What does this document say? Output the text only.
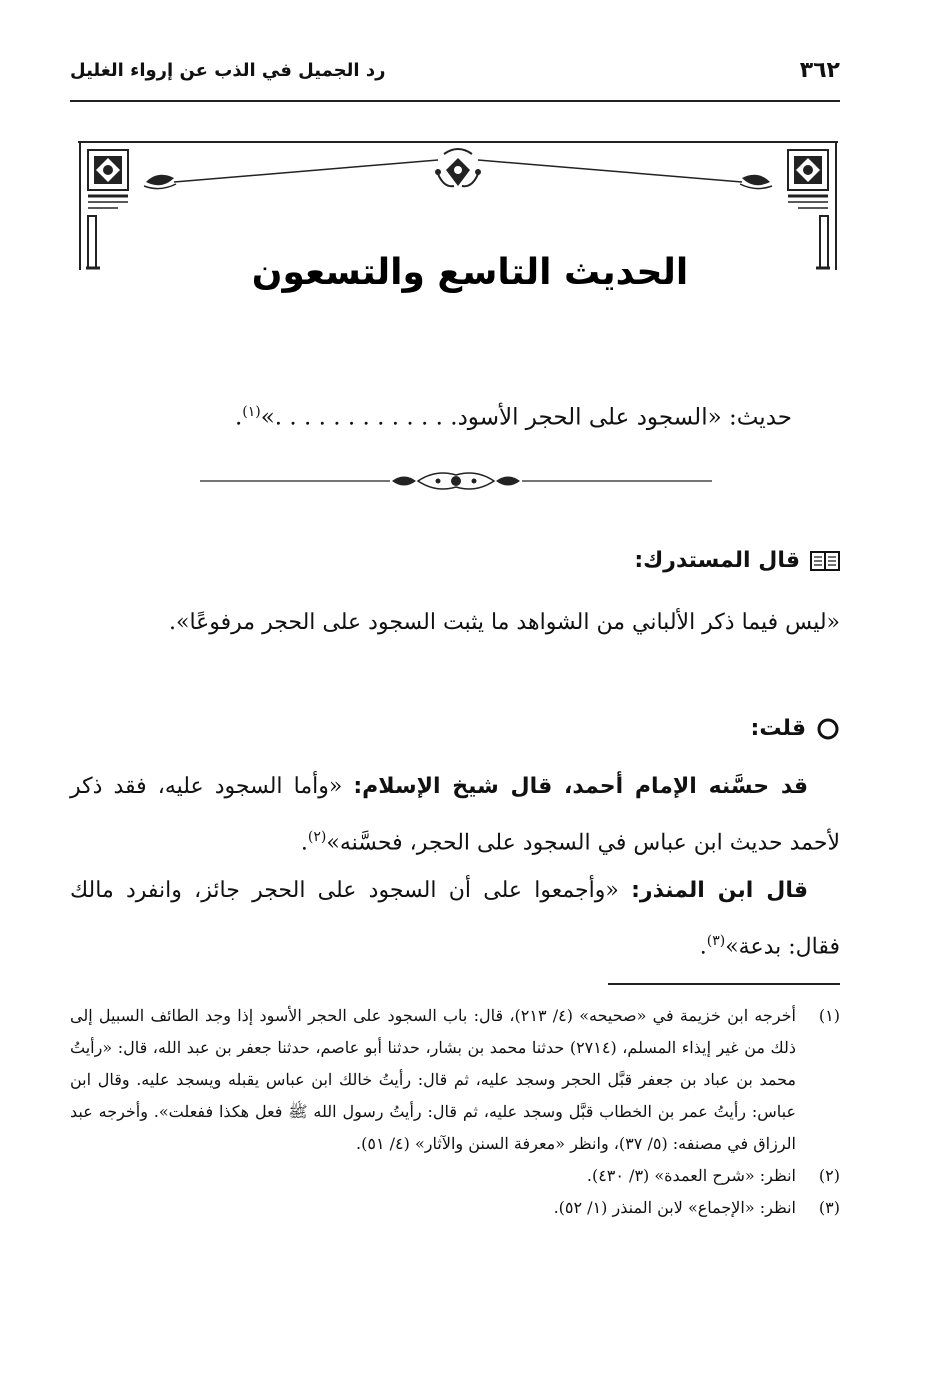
٣٦٢
رد الجميل في الذب عن إرواء الغليل
الحديث التاسع والتسعون
حديث: «السجود على الحجر الأسود. . . . . . . . . . . . .»$^{(١)}$.
قال المستدرك:
«ليس فيما ذكر الألباني من الشواهد ما يثبت السجود على الحجر مرفوعًا».
قلت:
قد حسَّنه الإمام أحمد، قال شيخ الإسلام: «وأما السجود عليه، فقد ذكر لأحمد حديث ابن عباس في السجود على الحجر، فحسَّنه»$^{(٢)}$.
قال ابن المنذر: «وأجمعوا على أن السجود على الحجر جائز، وانفرد مالك فقال: بدعة»$^{(٣)}$.
(١)
أخرجه ابن خزيمة في «صحيحه» (٤/ ٢١٣)، قال: باب السجود على الحجر الأسود إذا وجد الطائف السبيل إلى ذلك من غير إيذاء المسلم، (٢٧١٤) حدثنا محمد بن بشار، حدثنا أبو عاصم، حدثنا جعفر بن عبد الله، قال: «رأيتُ محمد بن عباد بن جعفر قبَّل الحجر وسجد عليه، ثم قال: رأيتُ خالك ابن عباس يقبله ويسجد عليه. وقال ابن عباس: رأيتُ عمر بن الخطاب قبَّل وسجد عليه، ثم قال: رأيتُ رسول الله ﷺ فعل هكذا ففعلت». وأخرجه عبد الرزاق في مصنفه: (٥/ ٣٧)، وانظر «معرفة السنن والآثار» (٤/ ٥١).
(٢)
انظر: «شرح العمدة» (٣/ ٤٣٠).
(٣)
انظر: «الإجماع» لابن المنذر (١/ ٥٢).
